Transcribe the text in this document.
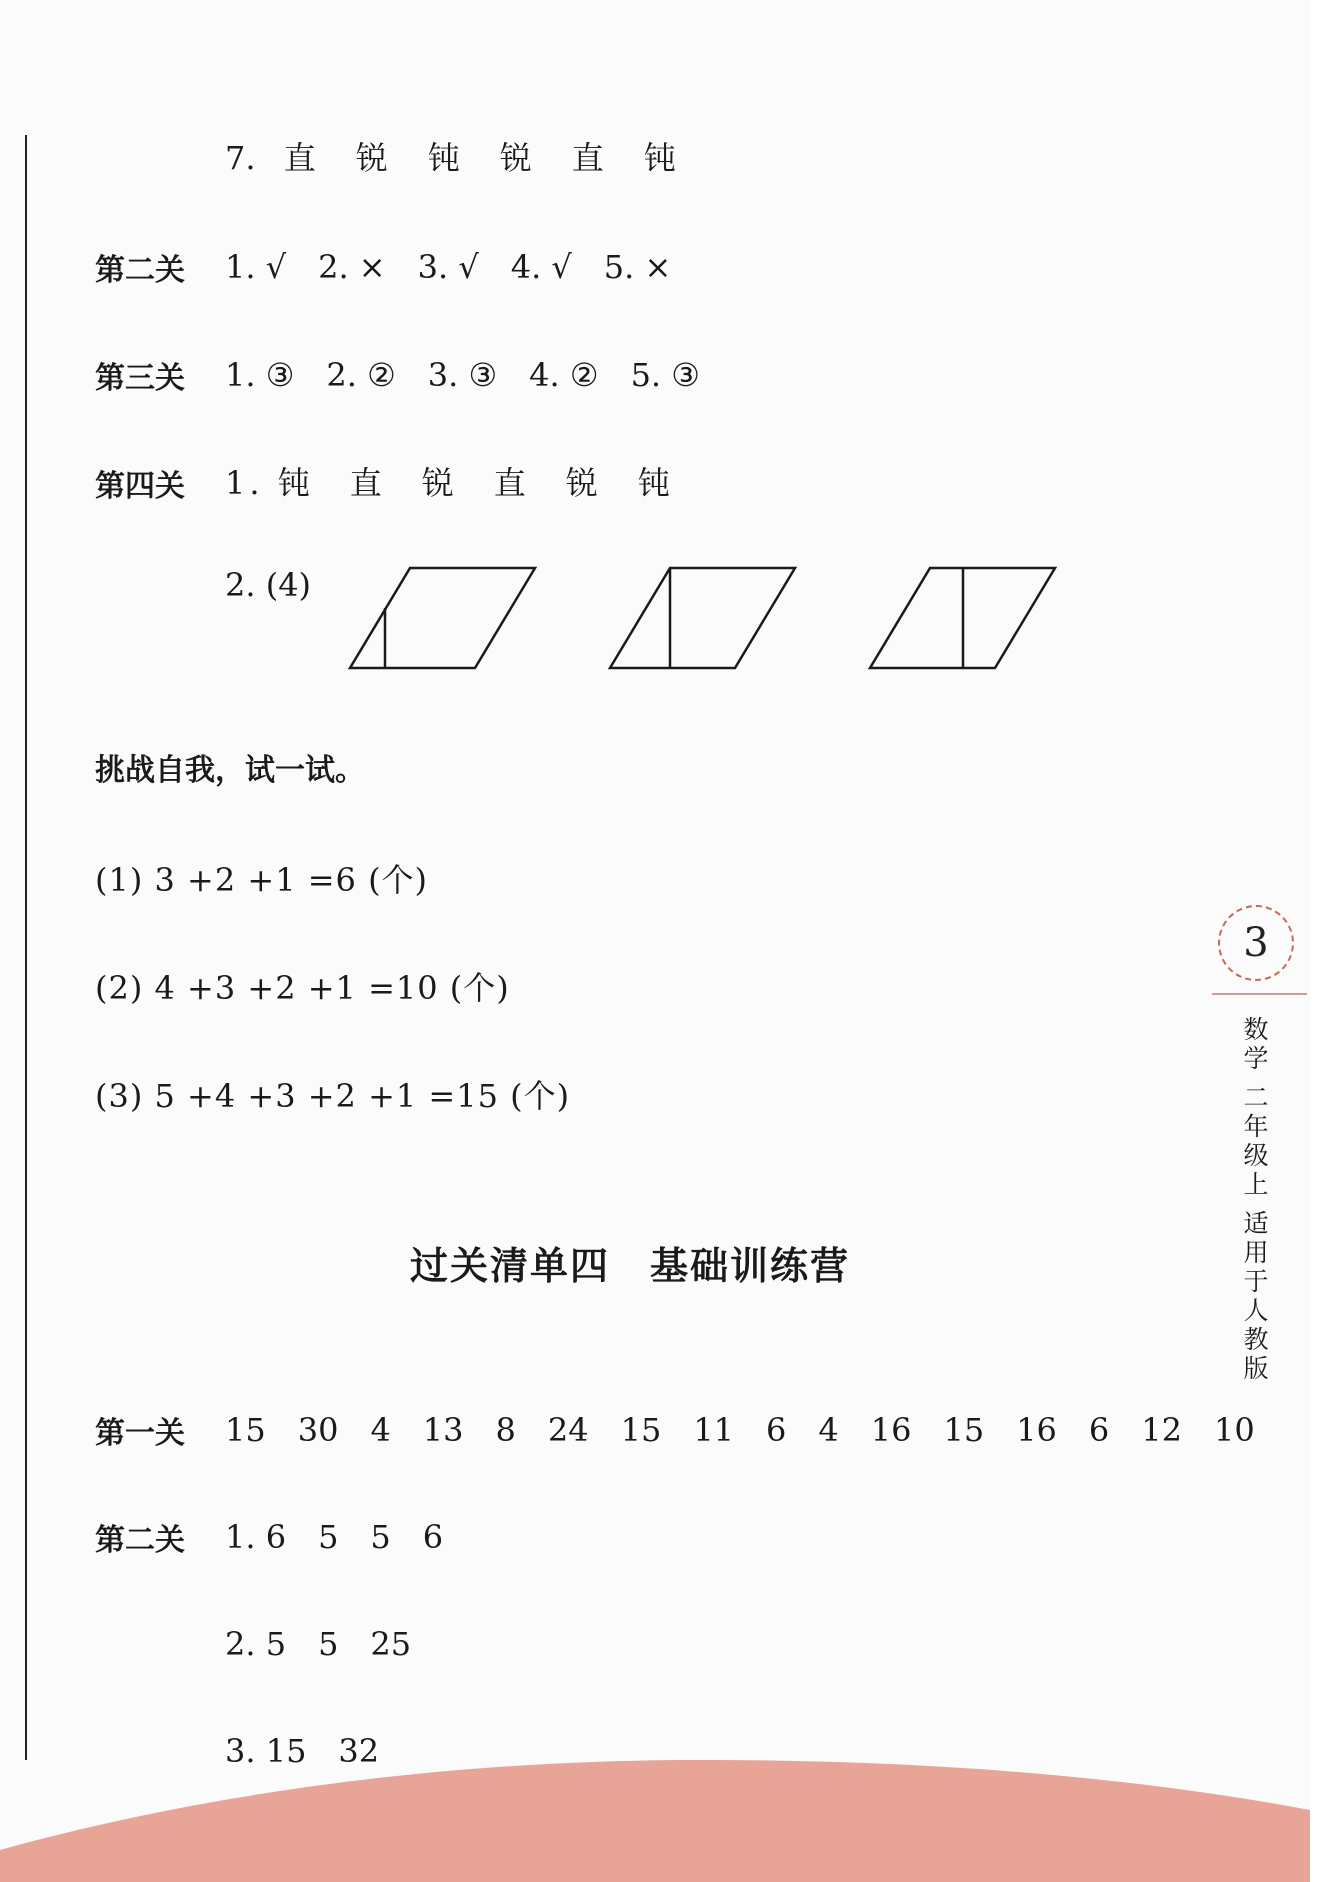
7. 直　锐　钝　锐　直　钝
第二关 1. √　2. ×　3. √　4. √　5. ×
第三关 1. ③　2. ②　3. ③　4. ②　5. ③
第四关 1. 钝　直　锐　直　锐　钝
2. (4)
挑战自我，试一试。
(1) 3 +2 +1 =6 (个)
(2) 4 +3 +2 +1 =10 (个)
(3) 5 +4 +3 +2 +1 =15 (个)
过关清单四　基础训练营
第一关 15　30　4　13　8　24　15　11　6　4　16　15　16　6　12　10
第二关 1. 6　5　5　6
2. 5　5　25
3. 15　32
3
数
学
二
年
级
上
适
用
于
人
教
版
